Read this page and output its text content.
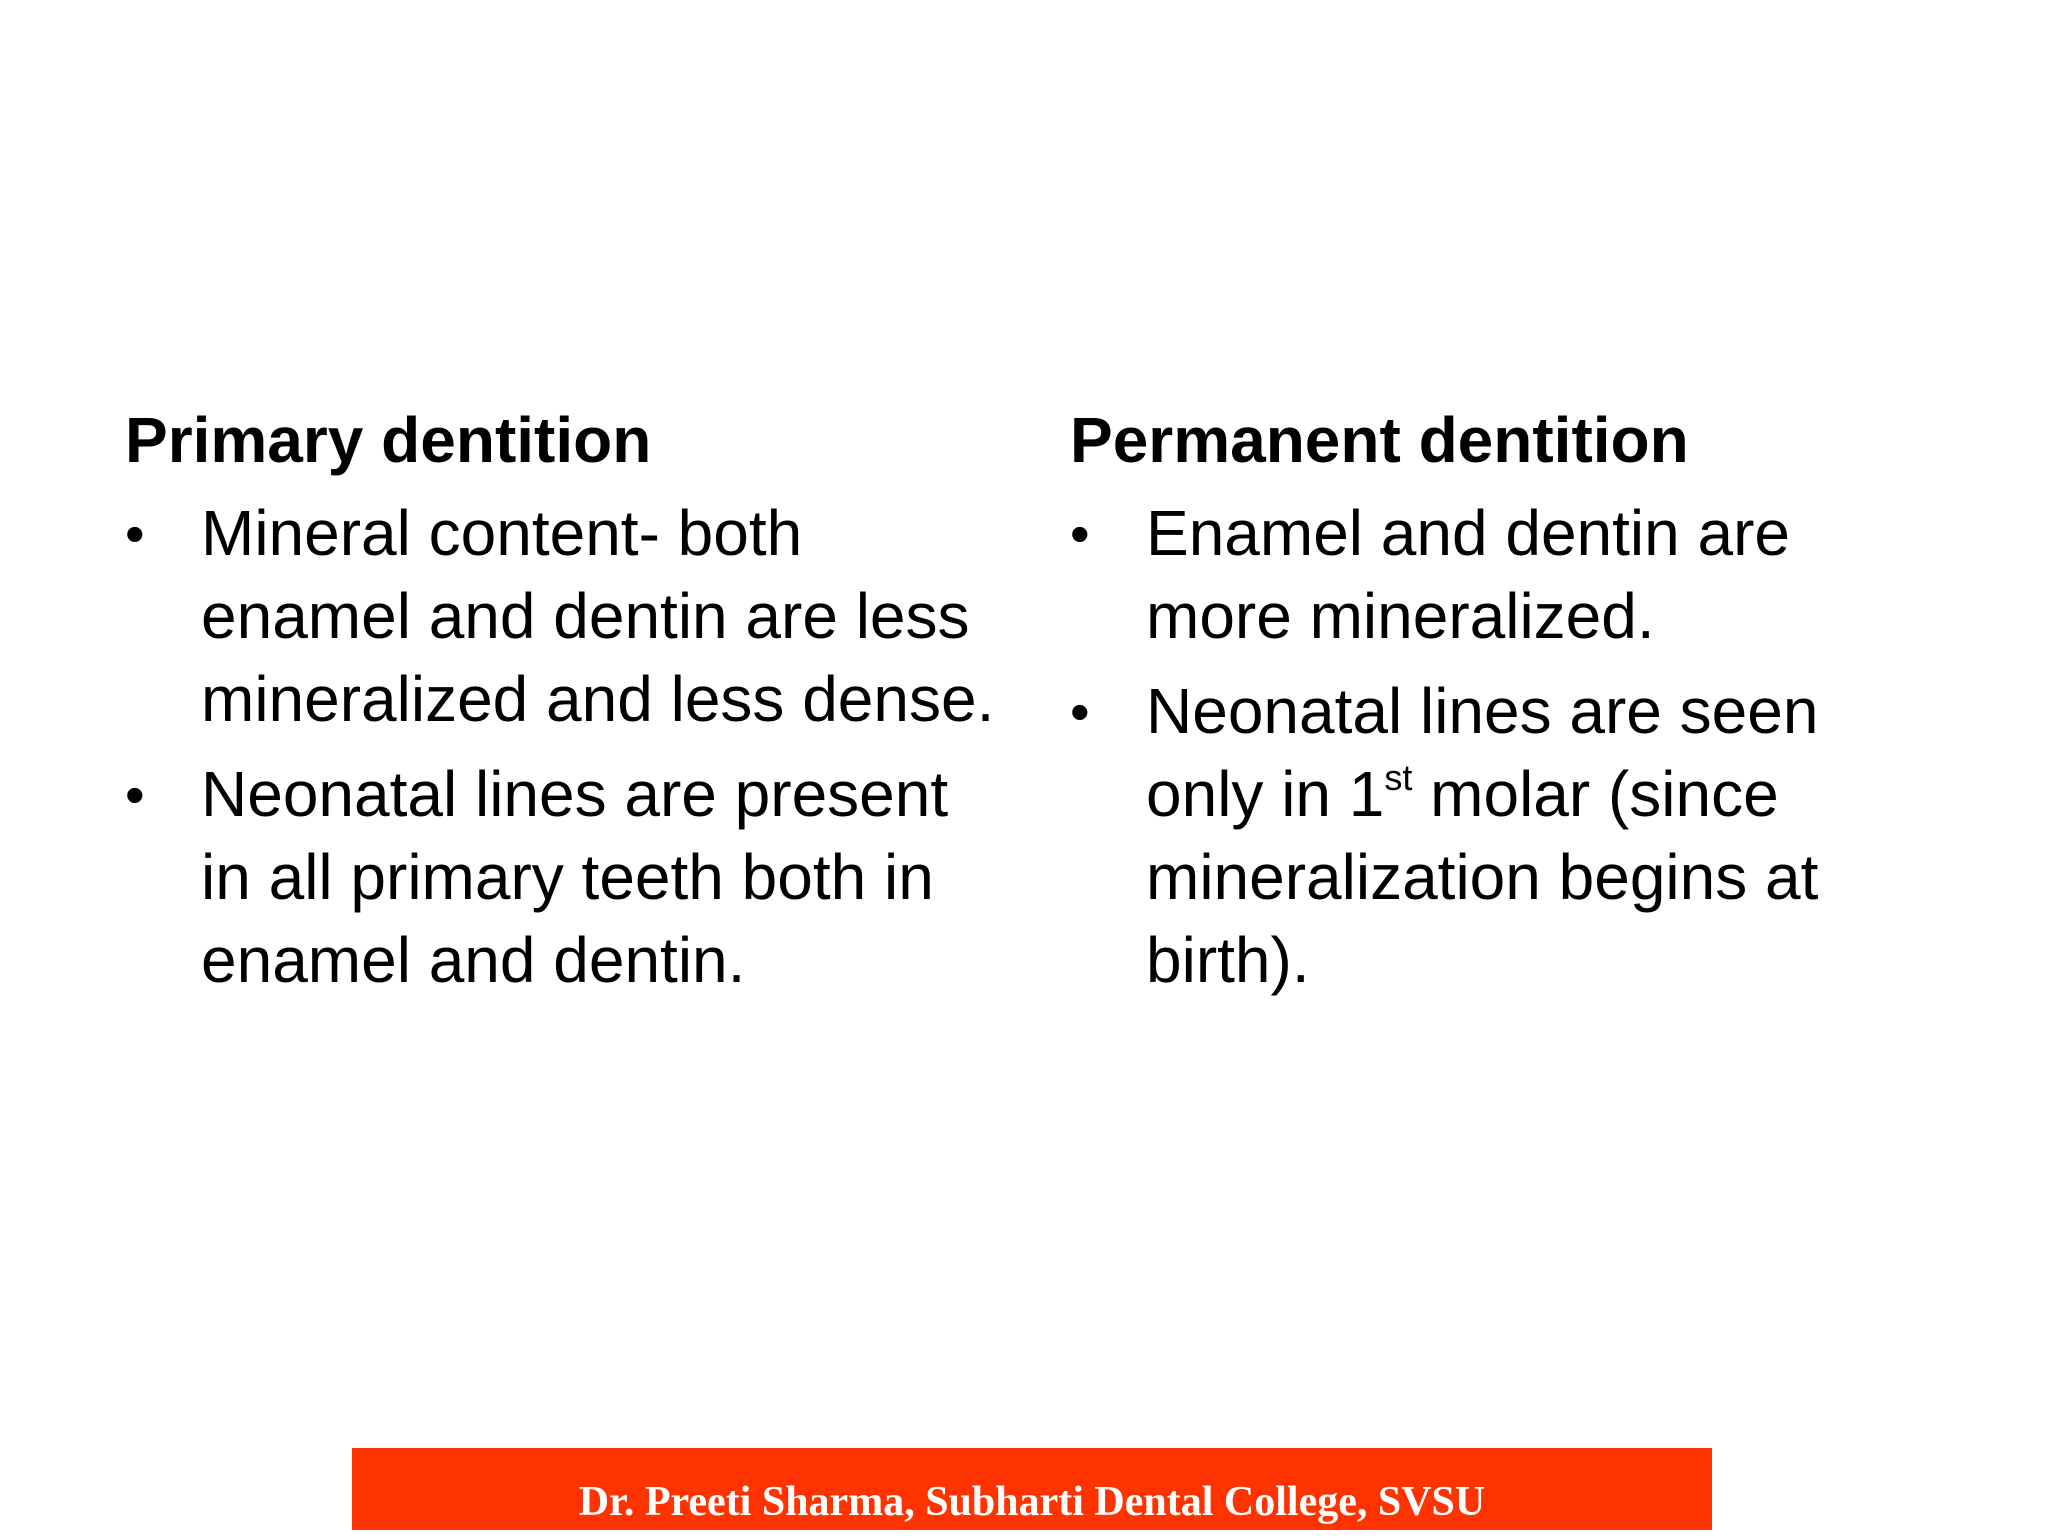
Primary dentition
• Mineral content- both enamel and dentin are less mineralized and less dense.
• Neonatal lines are present in all primary teeth both in enamel and dentin.
Permanent dentition
• Enamel and dentin are more mineralized.
• Neonatal lines are seen only in 1st molar (since mineralization begins at birth).
Dr. Preeti Sharma, Subharti Dental College, SVSU
